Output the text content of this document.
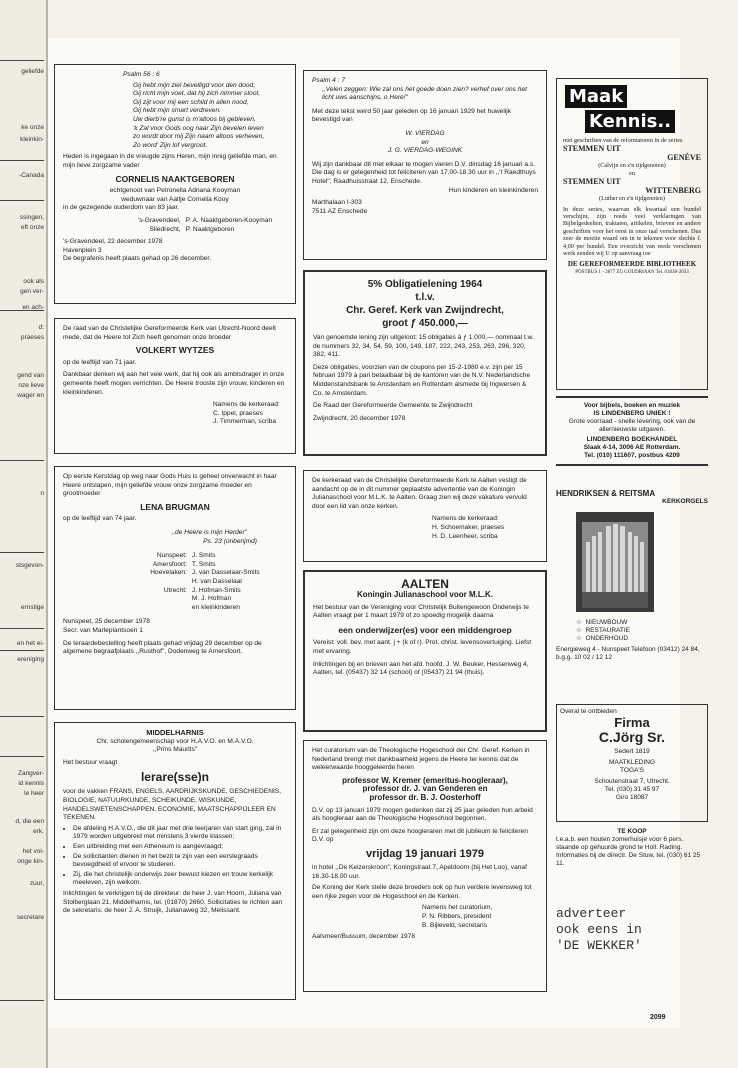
geliefde
ke onze
kleinkin-
-Canada
ssingen,
eft onze
ook als
gen ver-
en ach-
d:
praeses
gend van
nze lieve
wager en
n
stsgevon-
ernstige
en het ei-
ereniging
Zangver-
id kennis
le heer
d, die een
erk.
het vol-
onge kin-
zuur,
secretare

Psalm 56 : 6

Gij hebt mijn ziel bevelligd voor den dood,

Gij richt mijn voet, dat hij zich nimmer stoot,

Gij zijt voor mij een schild in allen nood,

Gij hebt mijn smart verdreven.

Uw dierb're gunst is m'altoos bij gebleven,

'k Zal voor Gods oog naar Zijn bevelen leven

zo wordt door mij Zijn naam altoos verheven,

Zo word' Zijn lof vergroot.

Heden is ingegaan in de vreugde zijns Heren, mijn innig geliefde man, en mijn lieve zorgzame vader

CORNELIS NAAKTGEBOREN

echtgenoot van Petronella Adriana Kooyman weduwnaar van Aaltje Cornelia Kooy

in de gezegende ouderdom van 83 jaar.

's-Gravendeel, P. A. Naaktgeboren-Kooyman
Sliedrecht, P. Naaktgeboren

's-Gravendeel, 22 december 1978

Havenplein 3

De begrafenis heeft plaats gehad op 26 december.

De raad van de Christelijke Gereformeerde Kerk van Utrecht-Noord deelt mede, dat de Heere tot Zich heeft genomen onze broeder

VOLKERT WYTZES

op de leeftijd van 71 jaar.

Dankbaar denken wij aan het vele werk, dat hij ook als ambtsdrager in onze gemeente heeft mogen verrichten. De Heere trooste zijn vrouw, kinderen en kleinkinderen.

Namens de kerkeraad:

C. Ippel, praeses

J. Timmerman, scriba

Op eerste Kerstdag op weg naar Gods Huis is geheel onverwacht in haar Heere ontslapen, mijn geliefde vrouw onze zorgzame moeder en grootmoeder

LENA BRUGMAN

op de leeftijd van 74 jaar.

,,de Heere is mijn Herder"

Ps. 23 (onberijmd)

Nunspeet: J. Smits
Amersfoort: T. Smits
Hoevelaken: J. van Dasselaar-Smits
H. van Dasselaar
Utrecht: J. Hofman-Smits
M. J. Hofman
en kleinkinderen

Nunspeet, 25 december 1978

Secr. van Marleplantsoen 1

De teraardebestelling heeft plaats gehad vrijdag 29 december op de algemene begraafplaats ,,Rusthof", Dodenweg te Amersfoort.

MIDDELHARNIS

Chr. scholengemeenschap voor H.A.V.O. en M.A.V.O. ,,Prins Maurits"

Het bestuur vraagt

lerare(sse)n

voor de vakken FRANS, ENGELS, AARDRIJKSKUNDE, GESCHIEDENIS, BIOLOGIE, NATUURKUNDE, SCHEIKUNDE, WISKUNDE, HANDELSWETENSCHAPPEN, ECONOMIE, MAATSCHAPPIJLEER EN TEKENEN.

• De afdeling H.A.V.O., die dit jaar met drie leerjaren van start ging, zal in 1979 worden uitgebreid met minstens 3 vierde klassen;
• Een uitbreiding met een Atheneum is aangevraagd;
• De sollicitanten dienen in het bezit te zijn van een eerstegraads bevoegdheid of ervoor te studeren.
• Zij, die het christelijk onderwijs zeer bewust kiezen en trouw kerkelijk meeleven, zijn welkom.

Inlichtingen te verkrijgen bij de direkteur: de heer J. van Hoorn, Juliana van Stolberglaan 21, Middelharnis, tel. (01870) 2660. Sollicitaties te richten aan de sekretaris: de heer J. A. Struijk, Julianaweg 32, Melissant.

Psalm 4 : 7

,,Velen zeggen: Wie zal ons het goede doen zien? verhef over ons het licht uws aanschijns, o Here!"

Met deze tekst werd 50 jaar geleden op 16 januari 1929 het huwelijk bevestigd van

W. VIERDAG

en

J. G. VIERDAG-WEGINK

Wij zijn dankbaar dit met elkaar te mogen vieren D.V. dinsdag 16 januari a.s. Die dag is er gelegenheid tot feliciteren van 17.00-18.30 uur in ,,'t Raedthuys Hotel", Raadhuisstraat 12, Enschede.

Hun kinderen en kleinkinderen

Marthalaan I-303

7511 AZ Enschede

5% Obligatielening 1964

t.l.v.

Chr. Geref. Kerk van Zwijndrecht,

groot ƒ 450.000,—

Van genoemde lening zijn uitgeloot: 15 obligaties à ƒ 1.000,— nominaal t.w. de nummers 32, 34, 54, 59, 100, 149, 187, 222, 243, 253, 263, 296, 320, 382, 411.

Deze obligaties, voorzien van de coupons per 15-2-1980 e.v. zijn per 15 februari 1979 à pari betaalbaar bij de kantoren van de N.V. Nederlandsche Middenstandsbank te Amsterdam en Rotterdam alsmede bij Ingwersen & Co. te Amsterdam.

De Raad der Gereformeerde Gemeente te Zwijndrecht

Zwijndrecht, 20 december 1978

De kerkeraad van de Christelijke Gereformeerde Kerk te Aalten vestigt de aandacht op de in dit nummer geplaatste advertentie van de Koningin Julianaschool voor M.L.K. te Aalten. Graag zien wij deze vakature vervuld door een lid van onze kerken.

Namens de kerkeraad:

H. Schoemaker, praeses

H. D. Leenheer, scriba

AALTEN

Koningin Julianaschool voor M.L.K.

Het bestuur van de Vereniging voor Christelijk Buitengewoon Onderwijs te Aalten vraagt per 1 maart 1979 of zo spoedig mogelijk daarna

een onderwijzer(es) voor een middengroep

Vereist: voll. bev. met aant. j + (k of r). Prot. christ. levensovertuiging. Liefst met ervaring.

Inlichtingen bij en brieven aan het afd. hoofd. J. W. Beuker, Hessenweg 4, Aalten, tel. (05437) 32 14 (school) of (05437) 21 94 (thuis).

Het curatorium van de Theologische Hogeschool der Chr. Geref. Kerken in Nederland brengt met dankbaarheid jegens de Heere ter kennis dat de weleerwaarde hooggeleerde heren

professor W. Kremer (emeritus-hoogleraar),

professor dr. J. van Genderen en

professor dr. B. J. Oosterhoff

D.V. op 13 januari 1979 mogen gedenken dat zij 25 jaar geleden hun arbeid als hoogleraar aan de Theologische Hogeschool begonnen.

Er zal gelegenheid zijn om deze hoogleraren met dit jubileum te feliciteren D.V. op

vrijdag 19 januari 1979

in hotel ,,De Keizerskroon", Koningstraat 7, Apeldoorn (bij Het Loo), vanaf 16.30-18.00 uur.

De Koning der Kerk stelle deze broeders ook op hun verdere levensweg tot een rijke zegen voor de Hogeschool en de Kerken.

Namens het curatorium,

P. N. Ribbers, president

B. Bijleveld, secretaris

Aalsmeer/Bussum, december 1978

Maak
Kennis..

met geschriften van de reformatoren in de series

STEMMEN UIT

GENÈVE

(Calvijn en z'n tijdgenoten)

en

STEMMEN UIT

WITTENBERG

(Luther en z'n tijdgenoten)

In deze series, waarvan elk kwartaal een bundel verschijnt, zijn reeds veel verklaringen van Bijbelgedeelten, traktaten, artikelen, brieven en andere geschriften voor het eerst in onze taal verschenen. Dus zeer de moeite waard om in te tekenen voor slechts f. 4,00 per bundel. Een overzicht van reeds verschenen werk zenden wij U op aanvraag toe

DE GEREFORMEERDE BIBLIOTHEEK

POSTBUS 1 - 2877 ZG GOUDRIAAN Tel. 01838-2033

Voor bijbels, boeken en muziek

IS LINDENBERG UNIEK !

Grote voorraad - snelle levering, ook van de allernieuwste uitgaven.

LINDENBERG BOEKHANDEL

Slaak 4-14, 3006 AE Rotterdam.

Tel. (010) 111607, postbus 4209

HENDRIKSEN & REITSMA

KERKORGELS

☆  NIEUWBOUW

☆  RESTAURATIE

☆  ONDERHOUD

Energieweg 4 - Nunspeet Telefoon (03412) 24 84, b.g.g. 10 02 / 12 12

Overal te ontbieden

Firma

C.Jörg Sr.

Sedert 1819

MAATKLEDING

TOGA'S

Schoutenstraat 7, Utrecht.

Tel. (030) 31 45 97

Giro 18087

TE KOOP

t.e.a.b. een houten zomerhuisje voor 6 pers. staande op gehuurde grond te Holl. Rading. Informaties bij de directr. De Stuw, tel. (030) 61 25 11.

adverteer

ook eens in

'DE WEKKER'

2099
